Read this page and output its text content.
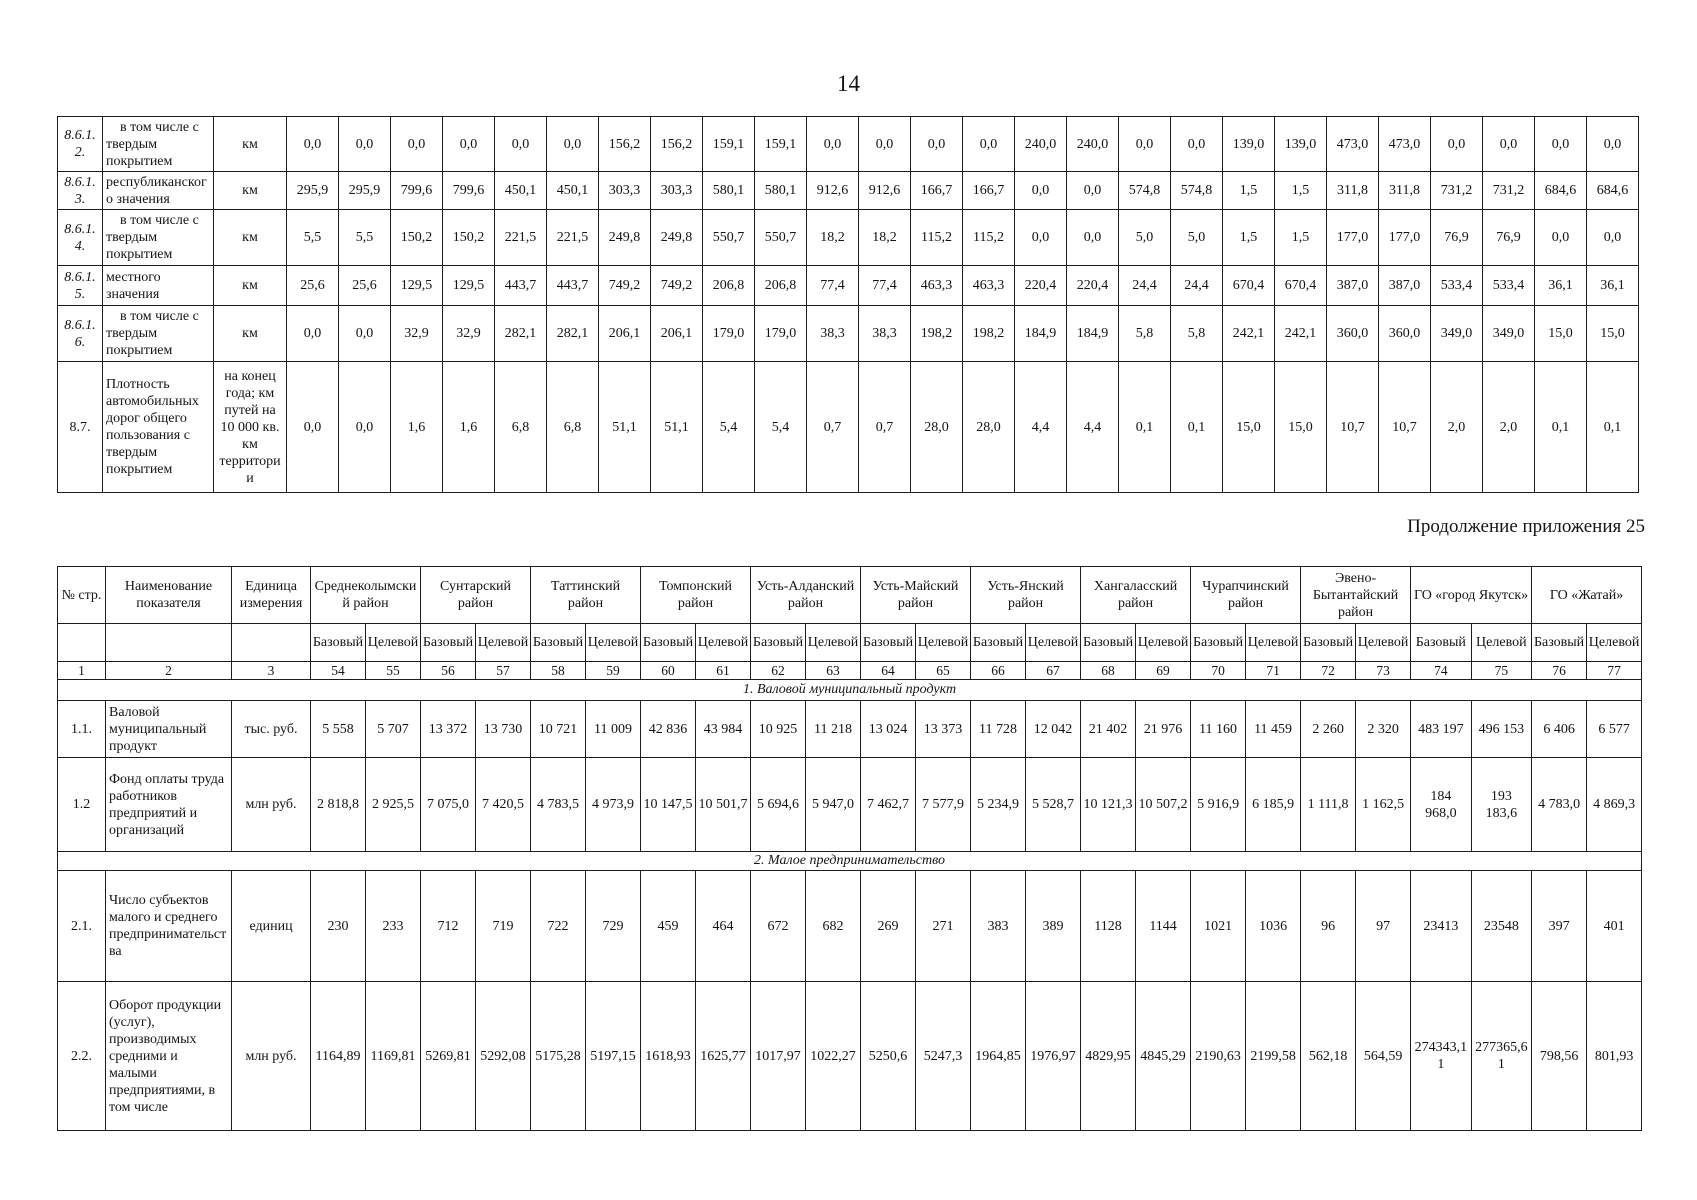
14
8.6.1.2.	в том числе с твердым покрытием	км	0,0	0,0	0,0	0,0	0,0	0,0	156,2	156,2	159,1	159,1	0,0	0,0	0,0	0,0	240,0	240,0	0,0	0,0	139,0	139,0	473,0	473,0	0,0	0,0	0,0	0,0
8.6.1.3.	республиканского значения	км	295,9	295,9	799,6	799,6	450,1	450,1	303,3	303,3	580,1	580,1	912,6	912,6	166,7	166,7	0,0	0,0	574,8	574,8	1,5	1,5	311,8	311,8	731,2	731,2	684,6	684,6
8.6.1.4.	в том числе с твердым покрытием	км	5,5	5,5	150,2	150,2	221,5	221,5	249,8	249,8	550,7	550,7	18,2	18,2	115,2	115,2	0,0	0,0	5,0	5,0	1,5	1,5	177,0	177,0	76,9	76,9	0,0	0,0
8.6.1.5.	местного значения	км	25,6	25,6	129,5	129,5	443,7	443,7	749,2	749,2	206,8	206,8	77,4	77,4	463,3	463,3	220,4	220,4	24,4	24,4	670,4	670,4	387,0	387,0	533,4	533,4	36,1	36,1
8.6.1.6.	в том числе с твердым покрытием	км	0,0	0,0	32,9	32,9	282,1	282,1	206,1	206,1	179,0	179,0	38,3	38,3	198,2	198,2	184,9	184,9	5,8	5,8	242,1	242,1	360,0	360,0	349,0	349,0	15,0	15,0
8.7.	Плотность автомобильных дорог общего пользования с твердым покрытием	на конец года; км путей на 10 000 кв. км территории	0,0	0,0	1,6	1,6	6,8	6,8	51,1	51,1	5,4	5,4	0,7	0,7	28,0	28,0	4,4	4,4	0,1	0,1	15,0	15,0	10,7	10,7	2,0	2,0	0,1	0,1
Продолжение приложения 25
№ стр.	Наименование показателя	Единица измерения	Среднеколымский район		Сунтарский район		Таттинский район		Томпонский район		Усть-Алданский район		Усть-Майский район		Усть-Янский район		Хангаласский район		Чурапчинский район		Эвено-Бытантайский район		ГО «город Якутск»		ГО «Жатай»	
			Базовый	Целевой	Базовый	Целевой	Базовый	Целевой	Базовый	Целевой	Базовый	Целевой	Базовый	Целевой	Базовый	Целевой	Базовый	Целевой	Базовый	Целевой	Базовый	Целевой	Базовый	Целевой	Базовый	Целевой
1	2	3	54	55	56	57	58	59	60	61	62	63	64	65	66	67	68	69	70	71	72	73	74	75	76	77
1. Валовой муниципальный продукт																										
1.1.	Валовой муниципальный продукт	тыс. руб.	5 558	5 707	13 372	13 730	10 721	11 009	42 836	43 984	10 925	11 218	13 024	13 373	11 728	12 042	21 402	21 976	11 160	11 459	2 260	2 320	483 197	496 153	6 406	6 577
1.2	Фонд оплаты труда работников предприятий и организаций	млн руб.	2 818,8	2 925,5	7 075,0	7 420,5	4 783,5	4 973,9	10 147,5	10 501,7	5 694,6	5 947,0	7 462,7	7 577,9	5 234,9	5 528,7	10 121,3	10 507,2	5 916,9	6 185,9	1 111,8	1 162,5	184 968,0	193 183,6	4 783,0	4 869,3
2. Малое предпринимательство																										
2.1.	Число субъектов малого и среднего предпринимательства	единиц	230	233	712	719	722	729	459	464	672	682	269	271	383	389	1128	1144	1021	1036	96	97	23413	23548	397	401
2.2.	Оборот продукции (услуг), производимых средними и малыми предприятиями, в том числе	млн руб.	1164,89	1169,81	5269,81	5292,08	5175,28	5197,15	1618,93	1625,77	1017,97	1022,27	5250,6	5247,3	1964,85	1976,97	4829,95	4845,29	2190,63	2199,58	562,18	564,59	274343,11	277365,61	798,56	801,93
